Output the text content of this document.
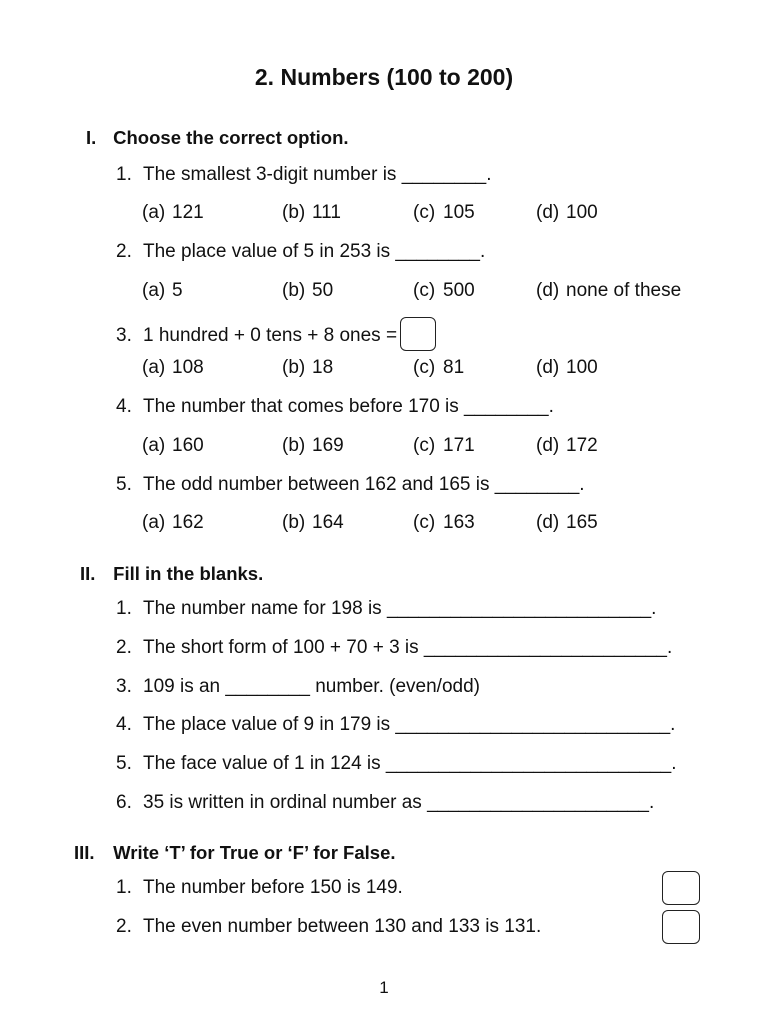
2. Numbers (100 to 200)
I. Choose the correct option.
1. The smallest 3-digit number is ________.
(a) 121	(b) 111	(c) 105	(d) 100
2. The place value of 5 in 253 is ________.
(a) 5	(b) 50	(c) 500	(d) none of these
3. 1 hundred + 0 tens + 8 ones =
(a) 108	(b) 18	(c) 81	(d) 100
4. The number that comes before 170 is ________.
(a) 160	(b) 169	(c) 171	(d) 172
5. The odd number between 162 and 165 is ________.
(a) 162	(b) 164	(c) 163	(d) 165
II. Fill in the blanks.
1. The number name for 198 is _________________________.
2. The short form of 100 + 70 + 3 is _______________________.
3. 109 is an ________ number. (even/odd)
4. The place value of 9 in 179 is __________________________.
5. The face value of 1 in 124 is ___________________________.
6. 35 is written in ordinal number as _____________________.
III. Write ‘T’ for True or ‘F’ for False.
1. The number before 150 is 149.
2. The even number between 130 and 133 is 131.
1
